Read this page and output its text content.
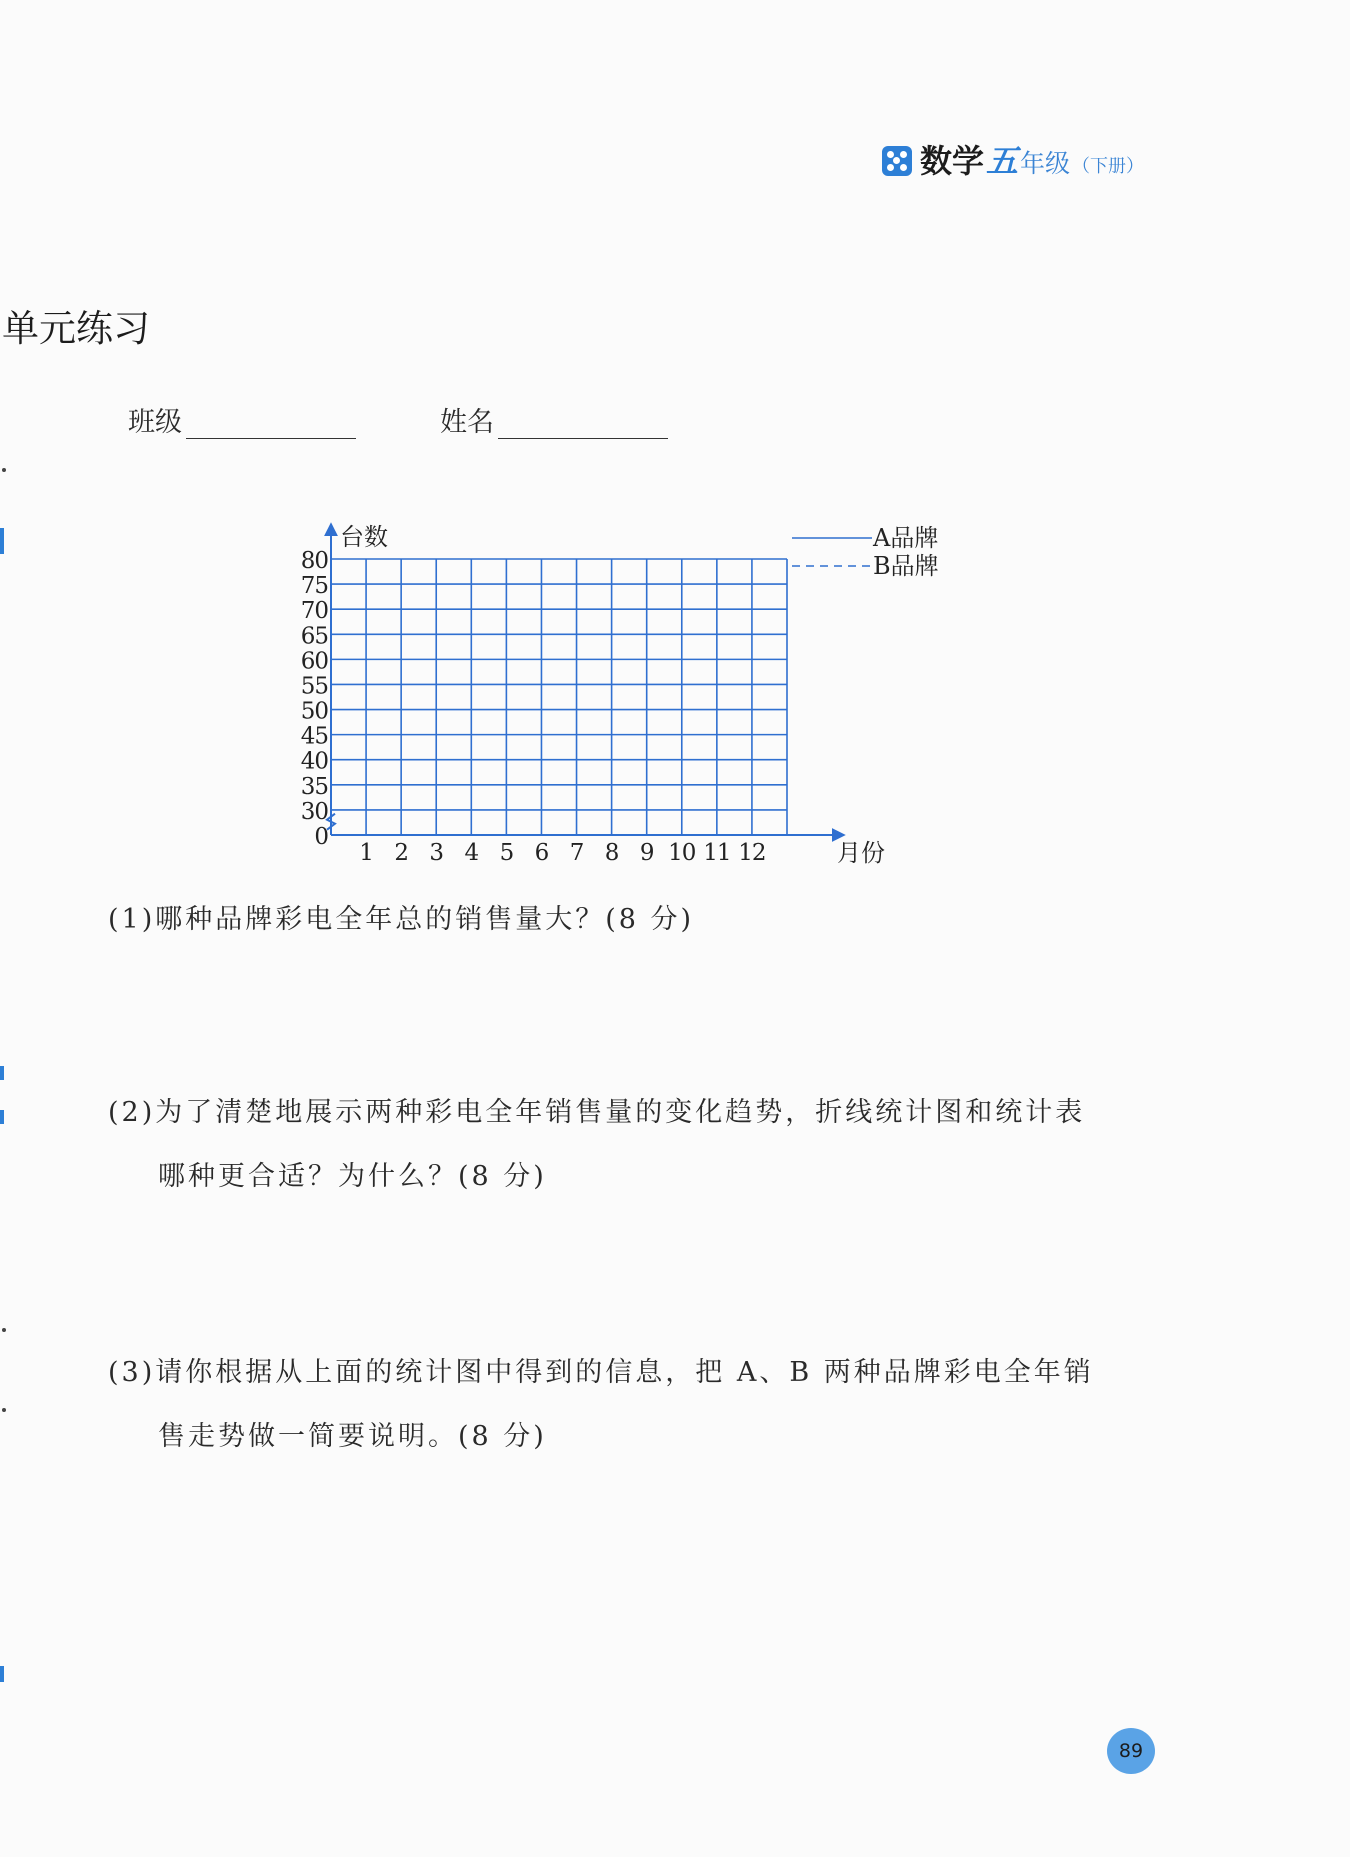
数学 五 年级 （下册）
单元练习
班级	姓名
80
75
70
65
60
55
50
45
40
35
30
0
1 2 3 4 5 6 7 8 9 10 11 12
台数
月份
A品牌
B品牌
(1)哪种品牌彩电全年总的销售量大？(8 分)
(2)为了清楚地展示两种彩电全年销售量的变化趋势，折线统计图和统计表
哪种更合适？为什么？(8 分)
(3)请你根据从上面的统计图中得到的信息，把 A、B 两种品牌彩电全年销
售走势做一简要说明。(8 分)
89
